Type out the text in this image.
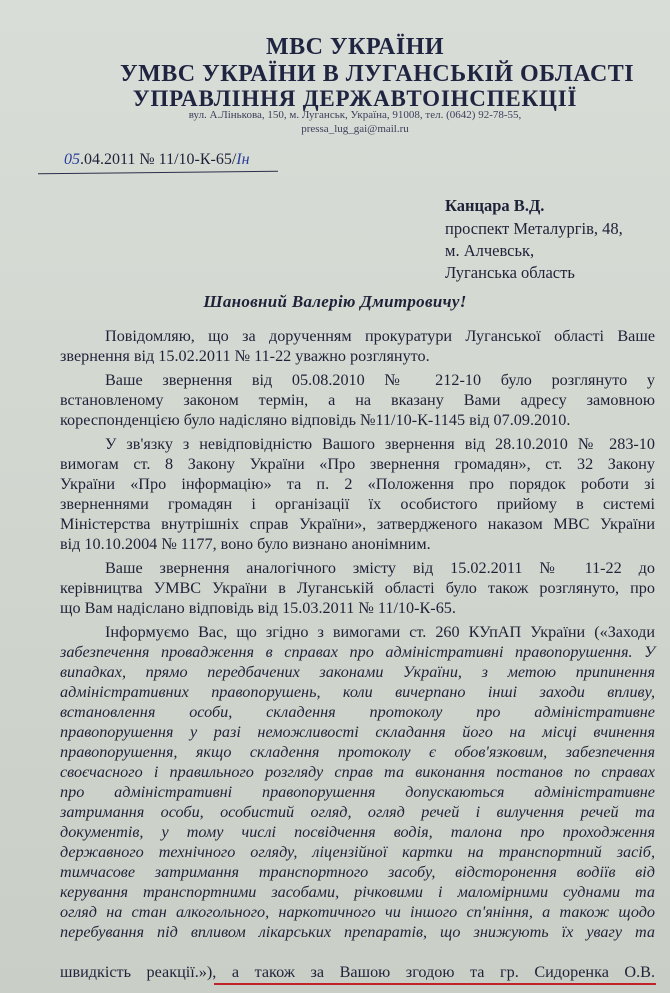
МВС УКРАЇНИ
УМВС УКРАЇНИ В ЛУГАНСЬКІЙ ОБЛАСТІ
УПРАВЛІННЯ ДЕРЖАВТОІНСПЕКЦІЇ
вул. А.Лінькова, 150, м. Луганськ, Україна, 91008, тел. (0642) 92-78-55,
pressa_lug_gai@mail.ru
05.04.2011 № 11/10-К-65/Ін
Канцара В.Д.
проспект Металургів, 48,
м. Алчевськ,
Луганська область
Шановний Валерію Дмитровичу!
Повідомляю, що за дорученням прокуратури Луганської області Ваше
звернення від 15.02.2011 № 11-22 уважно розглянуто.
Ваше звернення від 05.08.2010 № 212-10 було розглянуто у
встановленому законом термін, а на вказану Вами адресу замовною
кореспонденцією було надісляно відповідь №11/10-К-1145 від 07.09.2010.
У зв'язку з невідповідністю Вашого звернення від 28.10.2010 № 283-10
вимогам ст. 8 Закону України «Про звернення громадян», ст. 32 Закону
України «Про інформацію» та п. 2 «Положення про порядок роботи зі
зверненнями громадян і організації їх особистого прийому в системі
Міністерства внутрішніх справ України», затвердженого наказом МВС України
від 10.10.2004 № 1177, воно було визнано анонімним.
Ваше звернення аналогічного змісту від 15.02.2011 № 11-22 до
керівництва УМВС України в Луганській області було також розглянуто, про
що Вам надіслано відповідь від 15.03.2011 № 11/10-К-65.
Інформуємо Вас, що згідно з вимогами ст. 260 КУпАП України («Заходи
забезпечення провадження в справах про адміністративні правопорушення. У
випадках, прямо передбачених законами України, з метою припинення
адміністративних правопорушень, коли вичерпано інші заходи впливу,
встановлення особи, складення протоколу про адміністративне
правопорушення у разі неможливості складання його на місці вчинення
правопорушення, якщо складення протоколу є обов'язковим, забезпечення
своєчасного і правильного розгляду справ та виконання постанов по справах
про адміністративні правопорушення допускаються адміністративне
затримання особи, особистий огляд, огляд речей і вилучення речей та
документів, у тому числі посвідчення водія, талона про проходження
державного технічного огляду, ліцензійної картки на транспортний засіб,
тимчасове затримання транспортного засобу, відсторонення водіїв від
керування транспортними засобами, річковими і маломірними суднами та
огляд на стан алкогольного, наркотичного чи іншого сп'яніння, а також щодо
перебування під впливом лікарських препаратів, що знижують їх увагу та
швидкість реакції.»), а також за Вашою згодою та гр. Сидоренка О.В.
